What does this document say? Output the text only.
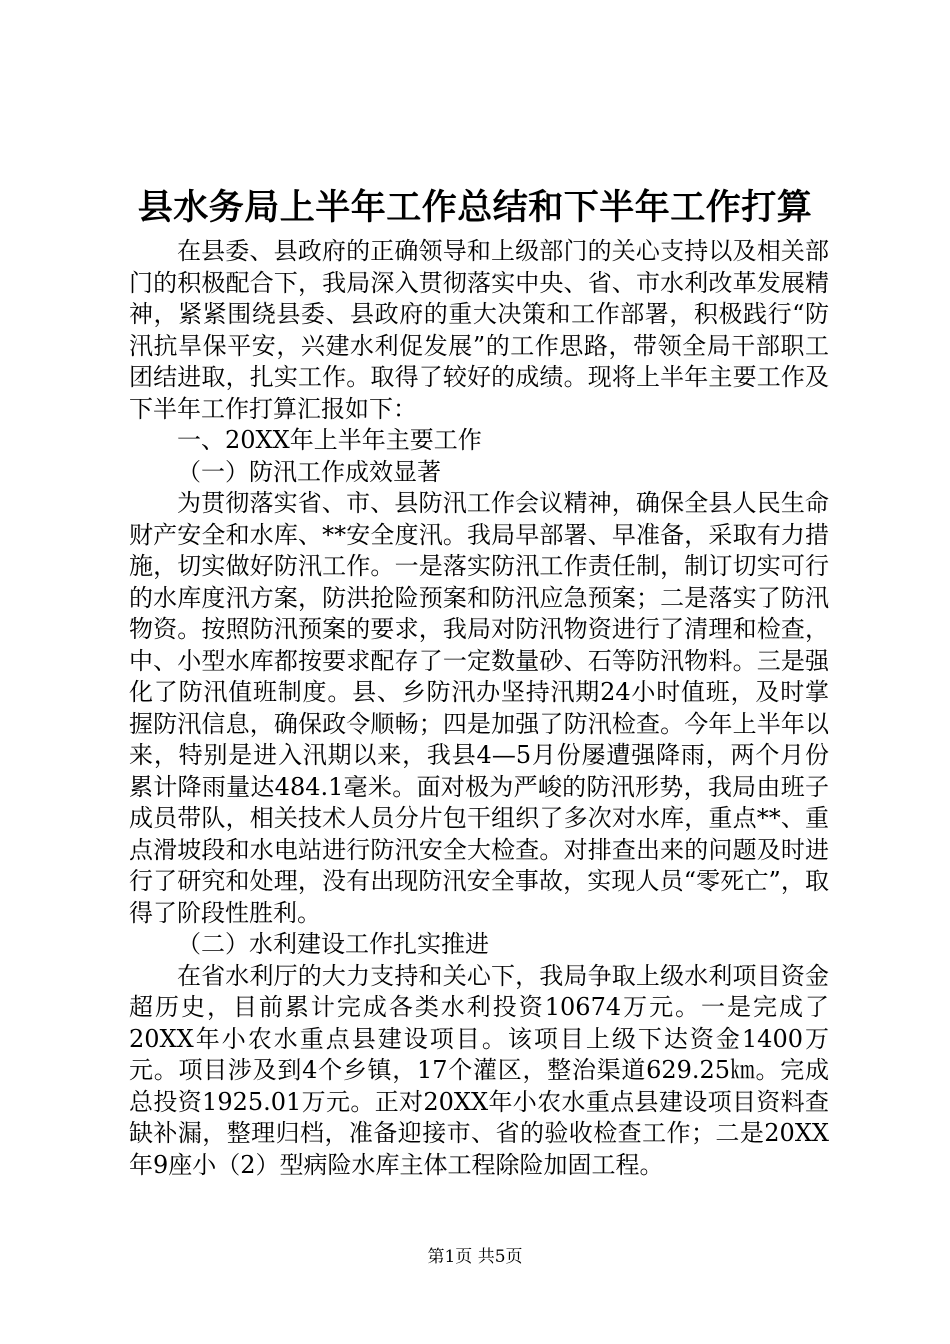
县水务局上半年工作总结和下半年工作打算

在县委、县政府的正确领导和上级部门的关心支持以及相关部门的积极配合下，我局深入贯彻落实中央、省、市水利改革发展精神，紧紧围绕县委、县政府的重大决策和工作部署，积极践行“防汛抗旱保平安，兴建水利促发展”的工作思路，带领全局干部职工团结进取，扎实工作。取得了较好的成绩。现将上半年主要工作及下半年工作打算汇报如下：

一、20XX年上半年主要工作

（一）防汛工作成效显著

为贯彻落实省、市、县防汛工作会议精神，确保全县人民生命财产安全和水库、**安全度汛。我局早部署、早准备，采取有力措施，切实做好防汛工作。一是落实防汛工作责任制，制订切实可行的水库度汛方案，防洪抢险预案和防汛应急预案；二是落实了防汛物资。按照防汛预案的要求，我局对防汛物资进行了清理和检查，中、小型水库都按要求配存了一定数量砂、石等防汛物料。三是强化了防汛值班制度。县、乡防汛办坚持汛期24小时值班，及时掌握防汛信息，确保政令顺畅；四是加强了防汛检查。今年上半年以来，特别是进入汛期以来，我县4—5月份屡遭强降雨，两个月份累计降雨量达484.1毫米。面对极为严峻的防汛形势，我局由班子成员带队，相关技术人员分片包干组织了多次对水库，重点**、重点滑坡段和水电站进行防汛安全大检查。对排查出来的问题及时进行了研究和处理，没有出现防汛安全事故，实现人员“零死亡”，取得了阶段性胜利。

（二）水利建设工作扎实推进

在省水利厅的大力支持和关心下，我局争取上级水利项目资金超历史，目前累计完成各类水利投资10674万元。一是完成了20XX年小农水重点县建设项目。该项目上级下达资金1400万元。项目涉及到4个乡镇，17个灌区，整治渠道629.25㎞。完成总投资1925.01万元。正对20XX年小农水重点县建设项目资料查缺补漏，整理归档，准备迎接市、省的验收检查工作；二是20XX年9座小（2）型病险水库主体工程除险加固工程。

第1页 共5页
